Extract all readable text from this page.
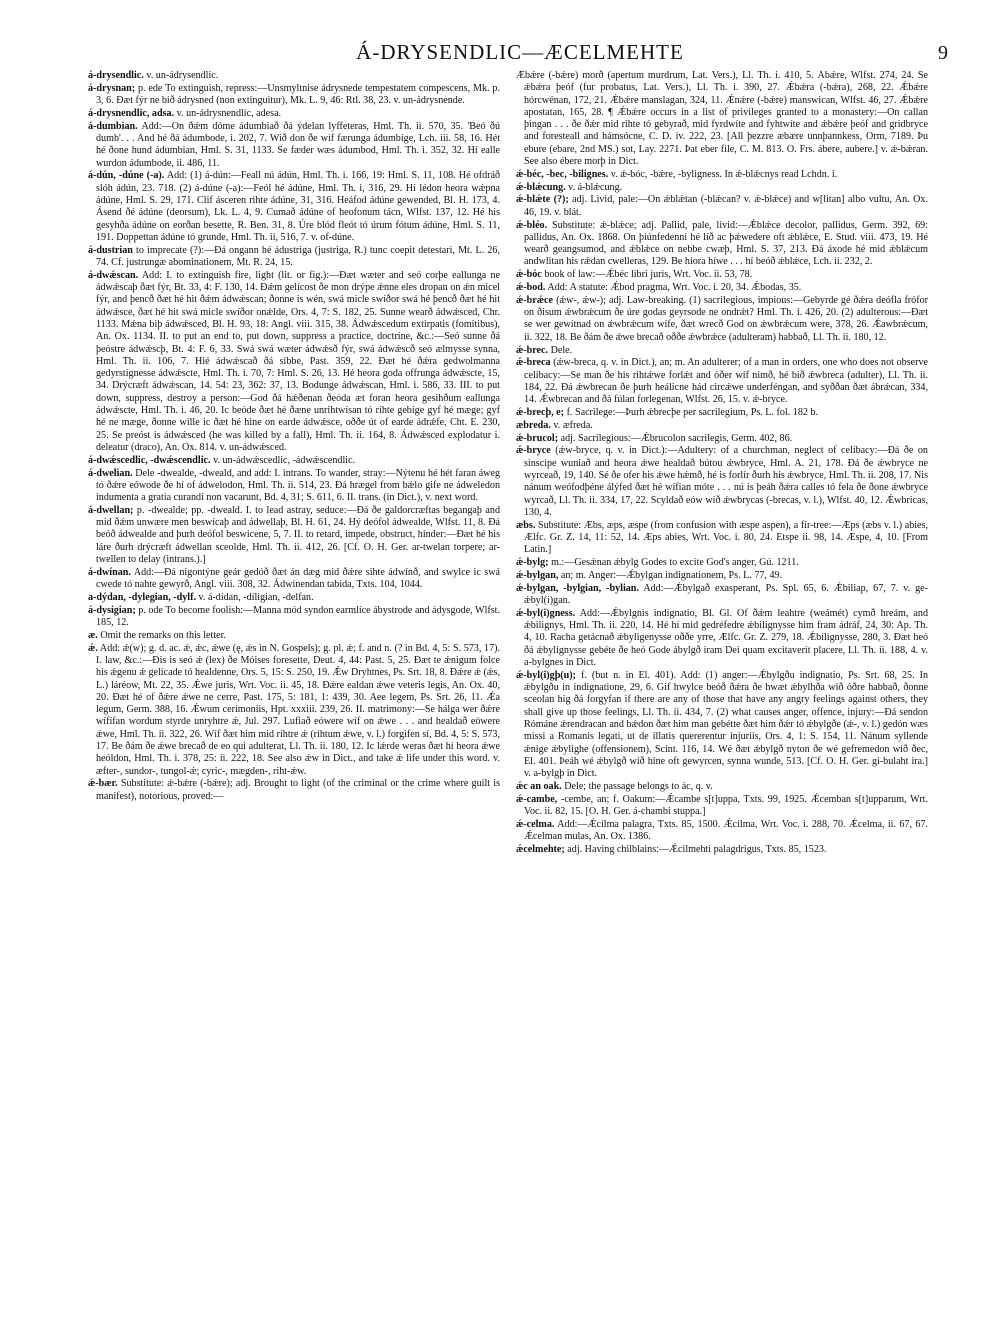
Á-DRYSENDLIC—ÆCELMEHTE	9

á-drysendlic. v. un-ádrysendlic.

á-drysnan; p. ede To extinguish, repress:—Unsmyltnise ádrysnede tempestatem compescens, Mk. p. 3, 6. Ðæt fýr ne bið ádrysned (non extinguitur), Mk. L. 9, 46: Rtl. 38, 23. v. un-ádrysnende.

á-drysnendlic, adsa. v. un-ádrysnendlic, adesa.

á-dumbian. Add:—On ðǽm dóme ádumbiað ðá ýdelan lyffeteras, Hml. Th. ii. 570, 35. 'Beó ðú dumb'. . . And hé ðá ádumbode, i. 202, 7. Wið don ðe wíf færunga ádumbige, Lch. iii. 58, 16. Hét hé ðone hund ádumbian, Hml. S. 31, 1133. Se fæder wæs ádumbod, Hml. Th. i. 352, 32. Hí ealle wurdon ádumbode, ii. 486, 11.

á-dún, -dúne (-a). Add: (1) á-dún:—Feall nú ádún, Hml. Th. i. 166, 19: Hml. S. 11, 108. Hé ofdráð slóh ádún, 23. 718. (2) á-dúne (-a):—Feól hé ádúne, Hml. Th. i, 316, 29. Hí lédon heora wǽpna ádúne, Hml. S. 29, 171. Clif ásceren rihte ádúne, 31, 316. Heáfod ádúne gewended, Bl. H. 173, 4. Ásend ðé ádúne (deorsum), Lk. L. 4, 9. Cumað ádúne of heofonum tácn, Wlfst. 137, 12. Hé his gesyhða ádúne on eorðan besette, R. Ben. 31, 8. Úre blód fleót tó úrum fótum ádúne, Hml. S. 11, 191. Doppettan ádúne tó grunde, Hml. Th. ii, 516, 7. v. of-dúne.

á-dustrian to imprecate (?):—Ðá ongann hé ádustriga (justriga, R.) tunc coepit detestari, Mt. L. 26, 74. Cf. justrungæ abominationem, Mt. R. 24, 15.

á-dwǽscan. Add: I. to extinguish fire, light (lit. or fig.):—Ðæt wæter and seó corþe eallunga ne ádwǽscaþ ðæt fýr, Bt. 33, 4: F. 130, 14. Ðǽm gelícost ðe mon drýpe ǽnne eles dropan on ǽn micel fýr, and þencð ðæt hé hit ðǽm ádwǽscan; ðonne is wén, swá micle swíðor swá hé þencð ðæt hé hit ádwǽsce, ðæt hé hit swá micle swíðor onǽlde, Ors. 4, 7: S. 182, 25. Sunne wearð ádwǽsced, Chr. 1133. Mǽna biþ ádwǽsced, Bl. H. 93, 18: Angl. viii. 315, 38. Ádwǽscedum extirpatis (fomitibus), An. Ox. 1134. II. to put an end to, put down, suppress a practice, doctrine, &c.:—Seó sunne ðá þeóstre ádwǽscþ, Bt. 4: F. 6, 33. Swá swá wæter ádwǽsð fýr, swá ádwǽscð seó ælmysse synna, Hml. Th. ii. 106, 7. Hié ádwǽscað ðá sibbe, Past. 359, 22. Ðæt hé ðǽra gedwolmanna gedyrstignesse ádwǽscte, Hml. Th. i. 70, 7: Hml. S. 26, 13. Hé heora goda offrunga ádwǽscte, 15, 34. Drýcræft ádwǽscan, 14. 54: 23, 362: 37, 13. Bodunge ádwǽscan, Hml. i. 586, 33. III. to put down, suppress, destroy a person:—God ðá hǽðenan ðeóda æt foran heora gesihðum eallunga ádwǽscte, Hml. Th. i. 46, 20. Ic beóde ðæt hé ðæne unrihtwísan tó rihte gebíge gyf hé mæge; gyf hé ne mæge, ðonne wille ic ðæt hé hine on earde ádwǽsce, oððe út of earde ádrǽfe, Cht. E. 230, 25. Se preóst is ádwǽsced (he was killed by a fall), Hml. Th. ii. 164, 8. Ádwǽsced explodatur i. deleatur (draco), An. Ox. 814. v. un-ádwǽsced.

á-dwǽscedlic, -dwǽscendlic. v. un-ádwǽscedlic, -ádwǽscendlic.

á-dwelian. Dele -dwealde, -dweald, and add: I. intrans. To wander, stray:—Nýtenu hé hét faran áweg tó ðǽre eówode ðe hí of ádwelodon, Hml. Th. ii. 514, 23. Ðá hrægel from bǽlo gife ne ádweledon indumenta a gratia curandi non vacarunt, Bd. 4, 31; S. 611, 6. II. trans. (in Dict.), v. next word.

á-dwellan; p. -dwealde; pp. -dweald. I. to lead astray, seduce:—Ðá ðe galdorcræftas begangaþ and mid ðǽm unwære men beswícaþ and ádwellaþ, Bl. H. 61, 24. Hý deófol ádwealde, Wlfst. 11, 8. Ðá beóð ádwealde and þurh deófol beswicene, 5, 7. II. to retard, impede, obstruct, hinder:—Ðæt hé his láre ðurh drýcræft ádwellan sceolde, Hml. Th. ii. 412, 26. [Cf. O. H. Ger. ar-twelan torpere; ar-twellen to delay (intrans.).]

á-dwínan. Add:—Ðá nigontýne geár gedóð ðæt án dæg mid ðǽre sihte ádwínð, and swylce ic swá cwede tó nahte gewyrð, Angl. viii. 308, 32. Ádwinendan tabida, Txts. 104, 1044.

a-dýdan, -dylegian, -dylf. v. á-dídan, -díligian, -delfan.

á-dysigian; p. ode To become foolish:—Manna mód syndon earmlíce ábystrode and ádysgode, Wlfst. 185, 12.

æ. Omit the remarks on this letter.

ǽ. Add: ǽ(w); g. d. ac. ǽ, ǽc, ǽwe (ę, ǽs in N. Gospels); g. pl. ǽ; f. and n. (? in Bd. 4, 5: S. 573, 17). I. law, &c.:—Ðis is seó ǽ (lex) ðe Móises foresette, Deut. 4, 44: Past. 5, 25. Ðæt te ǽnigum folce his ǽgenu ǽ gelícade tó healdenne, Ors. 5, 15: S. 250, 19. Ǽw Dryhtnes, Ps. Srt. 18, 8. Ðǽre ǽ (ǽs, L.) láréow, Mt. 22, 35. Ǽwe juris, Wrt. Voc. ii. 45, 18. Ðǽre ealdan ǽwe veteris legis, An. Ox. 40, 20. Ðæt hé of ðǽre ǽwe ne cerre, Past. 175, 5: 181, 1: 439, 30. Aee legem, Ps. Srt. 26, 11. Ǽa legum, Germ. 388, 16. Ǽwum cerimoniis, Hpt. xxxiii. 239, 26. II. matrimony:—Se hálga wer ðǽre wífífan wordum styrde unryhtre ǽ, Jul. 297. Lufiað eówere wíf on ǽwe . . . and healdað eówere ǽwe, Hml. Th. ii. 322, 26. Wíf ðæt him mid ríhtre ǽ (rihtum ǽwe, v. l.) forgifen sí, Bd. 4, 5: S. 573, 17. Be ðám ðe ǽwe brecað de eo qui adulterat, Ll. Th. ii. 180, 12. Ic lǽrde weras ðæt hí heora ǽwe heóldon, Hml. Th. i. 378, 25: ii. 222, 18. See also ǽw in Dict., and take ǽ life under this word. v. æfter-, sundor-, tungol-ǽ; cyric-, mægden-, riht-ǽw.

ǽ-bær. Substitute: ǽ-bǽre (-bǽre); adj. Brought to light (of the criminal or the crime where guilt is manifest), notorious, proved:—

Ǽbǽre (-bǽre) morð (apertum murdrum, Lat. Vers.), Ll. Th. i. 410, 5. Ábǽre, Wlfst. 274, 24. Se ǽbǽra þeóf (fur probatus, Lat. Vers.), Ll. Th. i. 390, 27. Ǽbǽra (-bǽra), 268, 22. Ǽbǽre hórcwénan, 172, 21. Ǽbǽre manslagan, 324, 11. Ǽnǽre (-bǽre) manswican, Wlfst. 46, 27. Ǽbǽre apostatan, 165, 28. ¶ Ǽbǽre occurs in a list of privileges granted to a monastery:—On callan þingan . . . ðe ðǽr mid rihte tó gebyrað, mid fyrdwíte and fyhtwíte and ǽbǽre þeóf and gridbryce and foresteall and hámsócne, C. D. iv. 222, 23. [All þezzre æbære unnþannkess, Orm, 7189. Þu ebure (ebare, 2nd MS.) sot, Lay. 2271. Þat eber file, C. M. 813. O. Frs. ábere, aubere.] v. ǽ-bǽran. See also ébere morþ in Dict.

ǽ-béc, -bec, -bilignes. v. ǽ-bóc, -bǽre, -byligness. In ǽ-blǽcnys read Lchdn. i.

ǽ-blǽcung. v. á-blǽcung.

ǽ-blǽte (?); adj. Livid, pale:—On ǽblǽtan (-blǽcan? v. ǽ-blǽce) and w[litan] albo vultu, An. Ox. 46, 19. v. blát.

ǽ-bléo. Substitute: ǽ-blǽce; adj. Pallid, pale, livid:—Ǽblǽce decolor, pallidus, Germ. 392, 69: pallidus, An. Ox. 1868. On þiúnfedenni hé líð ac þǽwedere oft ǽblǽce, E. Stud. viii. 473, 19. Hé wearð geangsumod, and ǽblǽce on nebbe cwæþ, Hml. S. 37, 213. Ðá áxode hé mid ǽblǽcum andwlitan his rǽdan cwelleras, 129. Be hiora híwe . . . hí beóð ǽblǽce, Lch. ii. 232, 2.

ǽ-bóc book of law:—Ǽbéc libri juris, Wrt. Voc. ii. 53, 78.

ǽ-bod. Add: A statute: Ǽbod pragma, Wrt. Voc. i. 20, 34. Ǽbodas, 35.

ǽ-brǽce (ǽw-, ǽw-); adj. Law-breaking. (1) sacrilegious, impious:—Gebyrde gé ðǽra deóflа frófor on ðisum ǽwbrǽcum ðe úre godas geyrsode ne ondrǽt? Hml. Th. i. 426, 20. (2) adulterous:—Ðæt se wer gewítnad on ǽwbrǽcum wífe, ðæt wrecð God on ǽwbrǽcum were, 378, 26. Ǽawbrǽcum, ii. 322, 18. Be ðám ðe ǽwe brecað oððe ǽwbrǽce (adulteram) habbað, Ll. Th. ii. 180, 12.

ǽ-brec. Dele.

ǽ-breca (ǽw-breca, q. v. in Dict.), an; m. An adulterer; of a man in orders, one who does not observe celibacy:—Se man ðe his rihtǽwe forlǽt and óðer wíf nimð, hé bið ǽwbreca (adulter), Ll. Th. ii. 184, 22. Ðá ǽwbrecan ðe þurh heálicne hád circǽwe underféngan, and syððan ðæt ábrǽcan, 334, 14. Ǽwbrecan and ðá fúlan forlegenan, Wlfst. 26, 15. v. ǽ-bryce.

ǽ-brecþ, e; f. Sacrilege:—Þurh ǽbrecþe per sacrilegium, Ps. L. fol. 182 b.

æbreda. v. æfreda.

ǽ-brucol; adj. Sacrilegious:—Ǽbrucolon sacrilegis, Germ. 402, 86.

ǽ-bryce (ǽw-bryce, q. v. in Dict.):—Adultery: of a churchman, neglect of celibacy:—Ðá ðe on sinscipe wuniað and heora ǽwe healdað bútou ǽwbryce, Hml. A. 21, 178. Ðá ðe ǽwbryce ne wyrceað, 19, 140. Sé ðe ofer his ǽwe hǽmð, hé is forlír ðurh his ǽwbryce, Hml. Th. ii. 208, 17. Nis nánum weófodþéne álýfed ðæt hé wífian móte . . . nú is þeáh ðǽra calles tó fela ðe ðone ǽwbryce wyrcað, Ll. Th. ii. 334, 17, 22. Scyldað eów wið ǽwbrycas (-brecas, v. l.), Wlfst. 40, 12. Ǽwbricas, 130, 4.

æbs. Substitute: Æbs, æps, æspe (from confusion with æspe aspen), a fir-tree:—Æps (æbs v. l.) abies, Ælfc. Gr. Z. 14, 11: 52, 14. Æps abies, Wrt. Voc. i. 80, 24. Etspe ii. 98, 14. Æspe, 4, 10. [From Latin.]

ǽ-bylg; m.:—Gesǽnan ǽbylg Godes to excite God's anger, Gú. 1211.

ǽ-bylgan, an; m. Anger:—Ǽbylgan indignationem, Ps. L. 77, 49.

ǽ-bylgan, -bylgian, -bylian. Add:—Ǽbylgað exasperant, Ps. Spl. 65, 6. Ǽbiliap, 67, 7. v. ge-ǽbyl(i)gan.

ǽ-byl(i)gness. Add:—Ǽbylgnis indignatio, Bl. Gl. Of ðǽm leahtre (weámét) cymð hreám, and ǽbilignys, Hml. Th. ii. 220, 14. Hé hí mid gedréfedre ǽbilignysse him fram ádráf, 24, 30: Ap. Th. 4, 10. Racha getácnað ǽbyligenysse oððe yrre, Ælfc. Gr. Z. 279, 18. Ǽbilignysse, 280, 3. Ðæt heó ðá ǽbylignysse gebéte ðe heó Gode ábylgð iram Dei quam excitaverit placere, Ll. Th. ii. 188, 4. v. a-bylgnes in Dict.

ǽ-byl(i)gþ(u); f. (but n. in El. 401). Add: (1) anger:—Ǽbylgðu indignatio, Ps. Srt. 68, 25. In ǽbylgðu in indignatione, 29, 6. Gif hwylce beóð ðǽra ðe hwæt ǽbylhða wið óðre habbað, ðonne sceolan hig ðá forgyfan if there are any of those that have any angry feelings against others, they shall give up those feelings, Ll. Th. ii. 434, 7. (2) what causes anger, offence, injury:—Ðá sendon Rómáne ǽrendracan and bǽdon ðæt him man gebétte ðæt him ðǽr tó ǽbylgðe (ǽ-, v. l.) gedón wæs missi a Romanis legati, ut de illatis quererentur injuriis, Ors. 4, 1: S. 154, 11. Nánum syllende ǽnige ǽbylighe (offensionem), Scint. 116, 14. Wé ðæt ǽbylgð nyton ðe wé gefremedon wið ðec, El. 401. Þeáh wé ǽbylgð wið hine oft gewyrcen, synna wunde, 513. [Cf. O. H. Ger. gi-bulaht ira.] v. a-bylgþ in Dict.

ǽc an oak. Dele; the passage belongs to ác, q. v.

ǽ-cambe, -cembe, an; f. Oakum:—Ǽcambe s[t]uppa, Txts. 99, 1925. Ǽcemban s[t]upparum, Wrt. Voc. ii. 82, 15. [O. H. Ger. á-chambi stuppa.]

ǽ-celma. Add:—Ǽcilma palagra, Txts. 85, 1500. Ǽcilma, Wrt. Voc. i. 288, 70. Ǽcelma, ii. 67, 67. Ǽcelman mulas, An. Ox. 1386.

ǽcelmehte; adj. Having chilblains:—Ǽcilmehti palagdrigus, Txts. 85, 1523.
